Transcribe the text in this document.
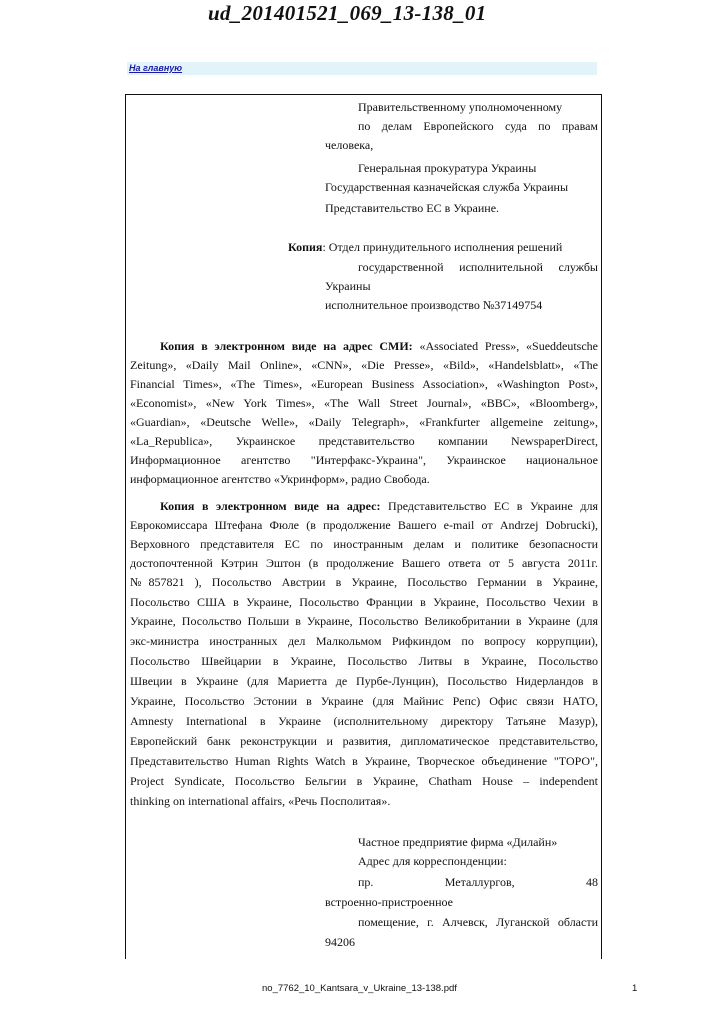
ud_201401521_069_13-138_01
На главную
Правительственному уполномоченному
по делам Европейского суда по правам
человека,
Генеральная прокуратура Украины
Государственная казначейская служба Украины
Представительство ЕС в Украине.
Копия: Отдел принудительного исполнения решений
государственной исполнительной службы
Украины
исполнительное производство №37149754
Копия в электронном виде на адрес СМИ: «Associated Press», «Sueddeutsche
Zeitung», «Daily Mail Online», «CNN», «Die Presse», «Bild», «Handelsblatt», «The
Financial Times», «The Times», «European Business Association», «Washington Post»,
«Economist», «New York Times», «The Wall Street Journal», «BBC», «Bloomberg»,
«Guardian», «Deutsche Welle», «Daily Telegraph», «Frankfurter allgemeine zeitung»,
«La_Republica», Украинское представительство компании NewspaperDirect,
Информационное агентство "Интерфакс-Украина", Украинское национальное
информационное агентство «Укринформ», радио Свобода.
Копия в электронном виде на адрес: Представительство ЕС в Украине для
Еврокомиссара Штефана Фюле (в продолжение Вашего e-mail от Andrzej Dobrucki),
Верховного представителя ЕС по иностранным делам и политике безопасности
достопочтенной Кэтрин Эштон (в продолжение Вашего ответа от 5 августа 2011г.
№857821 ), Посольство Австрии в Украине, Посольство Германии в Украине,
Посольство США в Украине, Посольство Франции в Украине, Посольство Чехии в
Украине, Посольство Польши в Украине, Посольство Великобритании в Украине (для
экс-министра иностранных дел Малкольмом Рифкиндом по вопросу коррупции),
Посольство Швейцарии в Украине, Посольство Литвы в Украине, Посольство
Швеции в Украине (для Мариетта де Пурбе-Лунцин), Посольство Нидерландов в
Украине, Посольство Эстонии в Украине (для Майнис Репс) Офис связи НАТО,
Amnesty International в Украине (исполнительному директору Татьяне Мазур),
Европейский банк реконструкции и развития, дипломатическое представительство,
Представительство Human Rights Watch в Украине, Творческое объединение "ТОРО",
Project Syndicate, Посольство Бельгии в Украине, Chatham House – independent
thinking on international affairs, «Речь Посполитая».
Частное предприятие фирма «Дилайн»
Адрес для корреспонденции:
пр.	Металлургов,	48
встроенно-пристроенное
помещение, г. Алчевск, Луганской области
94206
no_7762_10_Kantsara_v_Ukraine_13-138.pdf	1
